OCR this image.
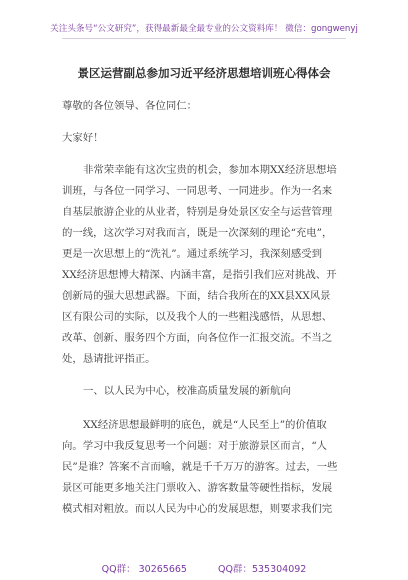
关注头条号“公文研究”，获得最新最全最专业的公文资料库！ 微信：gongwenyj
景区运营副总参加习近平经济思想培训班心得体会
尊敬的各位领导、各位同仁：
大家好！
非常荣幸能有这次宝贵的机会，参加本期XX经济思想培
训班，与各位一同学习、一同思考、一同进步。作为一名来
自基层旅游企业的从业者，特别是身处景区安全与运营管理
的一线，这次学习对我而言，既是一次深刻的理论“充电”，
更是一次思想上的“洗礼”。通过系统学习，我深刻感受到
XX经济思想博大精深、内涵丰富，是指引我们应对挑战、开
创新局的强大思想武器。下面，结合我所在的XX县XX风景
区有限公司的实际，以及我个人的一些粗浅感悟，从思想、
改革、创新、服务四个方面，向各位作一汇报交流。不当之
处，恳请批评指正。
一、以人民为中心，校准高质量发展的新航向
XX经济思想最鲜明的底色，就是“人民至上”的价值取
向。学习中我反复思考一个问题：对于旅游景区而言，“人
民”是谁？答案不言而喻，就是千千万万的游客。过去，一些
景区可能更多地关注门票收入、游客数量等硬性指标，发展
模式相对粗放。而以人民为中心的发展思想，则要求我们完
QQ群： 30265665	QQ群：535304092
